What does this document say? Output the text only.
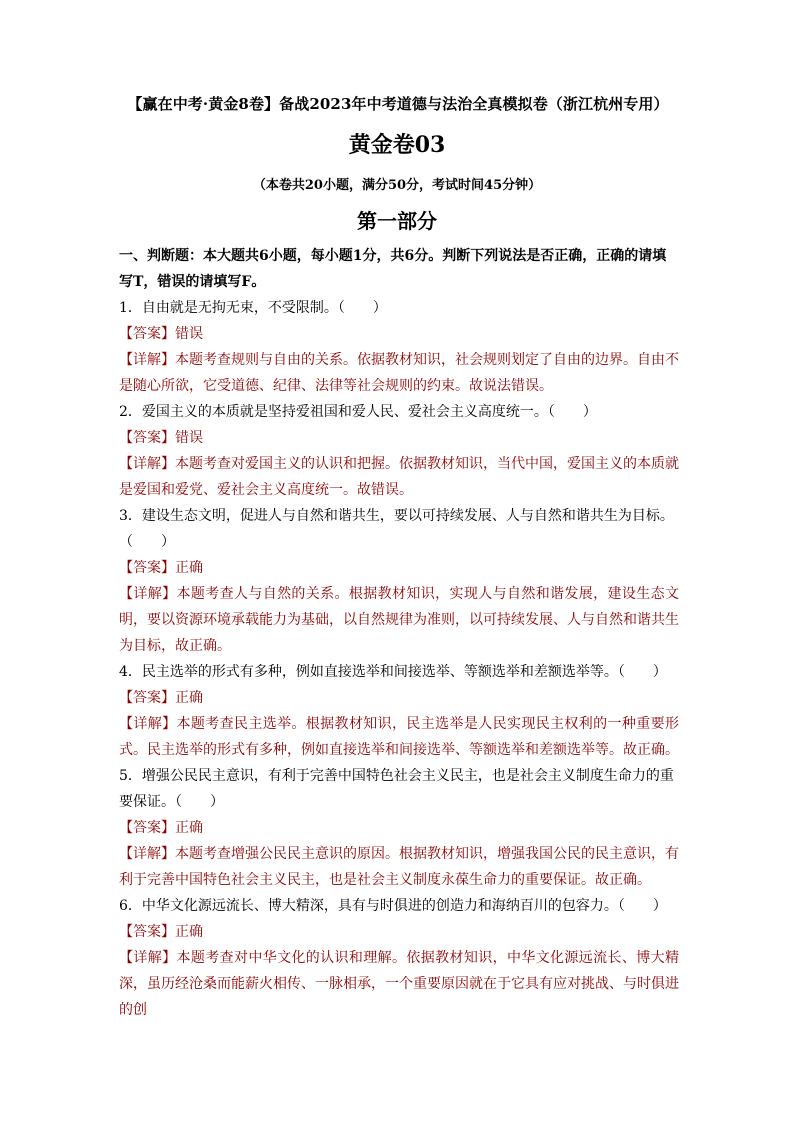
【赢在中考·黄金8卷】备战2023年中考道德与法治全真模拟卷（浙江杭州专用）
黄金卷03
（本卷共20小题，满分50分，考试时间45分钟）
第一部分

一、判断题：本大题共6小题，每小题1分，共6分。判断下列说法是否正确，正确的请填写T，错误的请填写F。

1．自由就是无拘无束，不受限制。（　　）

【答案】错误

【详解】本题考查规则与自由的关系。依据教材知识，社会规则划定了自由的边界。自由不是随心所欲，它受道德、纪律、法律等社会规则的约束。故说法错误。

2．爱国主义的本质就是坚持爱祖国和爱人民、爱社会主义高度统一。（　　）

【答案】错误

【详解】本题考查对爱国主义的认识和把握。依据教材知识，当代中国，爱国主义的本质就是爱国和爱党、爱社会主义高度统一。故错误。

3．建设生态文明，促进人与自然和谐共生，要以可持续发展、人与自然和谐共生为目标。（　　）

【答案】正确

【详解】本题考查人与自然的关系。根据教材知识，实现人与自然和谐发展，建设生态文明，要以资源环境承载能力为基础，以自然规律为准则，以可持续发展、人与自然和谐共生为目标，故正确。

4．民主选举的形式有多种，例如直接选举和间接选举、等额选举和差额选举等。（　　）

【答案】正确

【详解】本题考查民主选举。根据教材知识，民主选举是人民实现民主权利的一种重要形式。民主选举的形式有多种，例如直接选举和间接选举、等额选举和差额选举等。故正确。

5．增强公民民主意识，有利于完善中国特色社会主义民主，也是社会主义制度生命力的重要保证。（　　）

【答案】正确

【详解】本题考查增强公民民主意识的原因。根据教材知识，增强我国公民的民主意识，有利于完善中国特色社会主义民主，也是社会主义制度永葆生命力的重要保证。故正确。

6．中华文化源远流长、博大精深，具有与时俱进的创造力和海纳百川的包容力。（　　）

【答案】正确

【详解】本题考查对中华文化的认识和理解。依据教材知识，中华文化源远流长、博大精深，虽历经沧桑而能薪火相传、一脉相承，一个重要原因就在于它具有应对挑战、与时俱进的创
